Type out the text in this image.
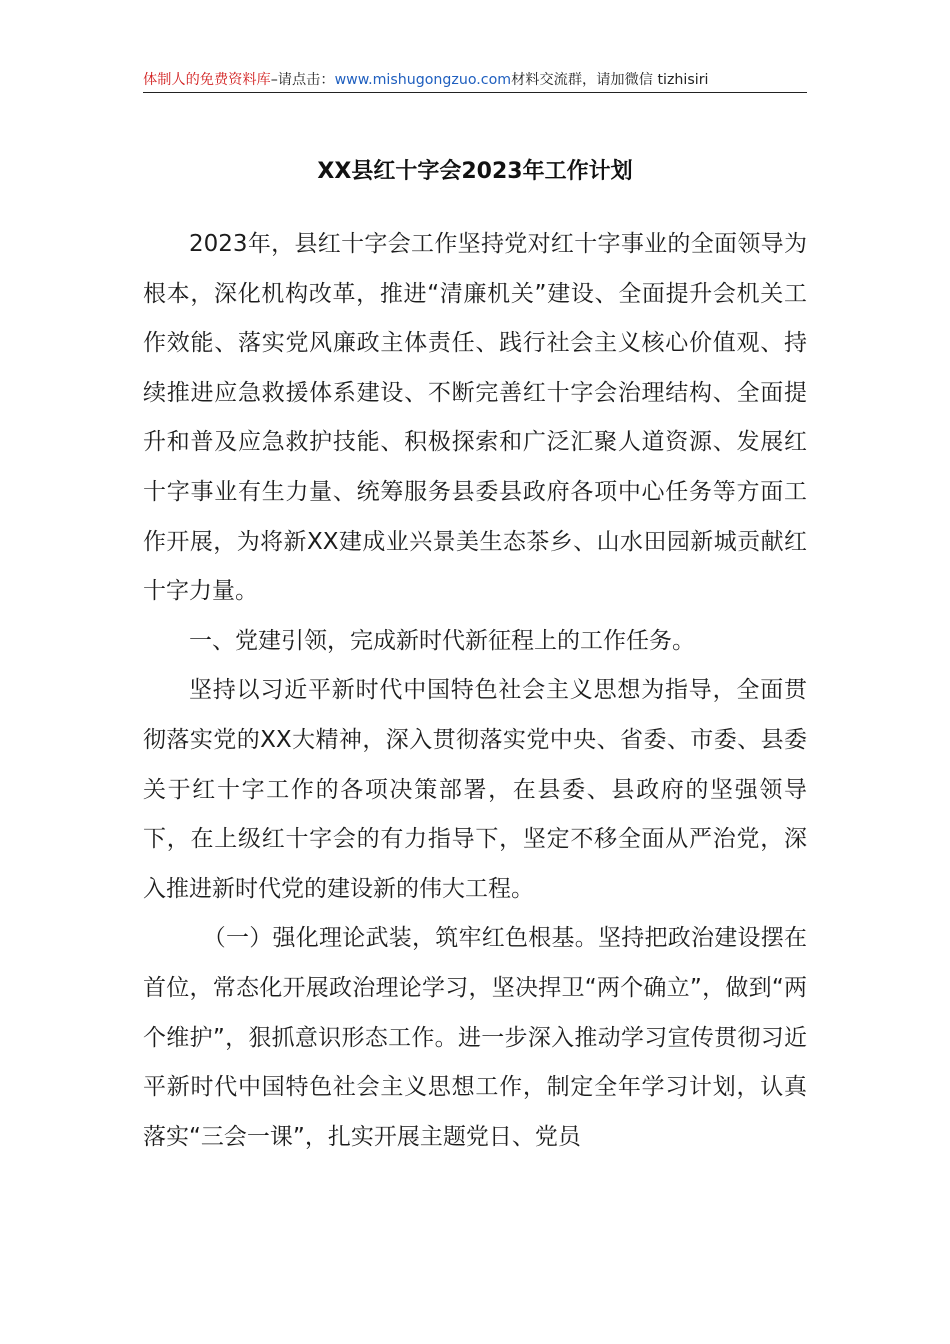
体制人的免费资料库–请点击：www.mishugongzuo.com材料交流群，请加微信 tizhisiri
XX县红十字会2023年工作计划

2023年，县红十字会工作坚持党对红十字事业的全面领导为根本，深化机构改革，推进“清廉机关”建设、全面提升会机关工作效能、落实党风廉政主体责任、践行社会主义核心价值观、持续推进应急救援体系建设、不断完善红十字会治理结构、全面提升和普及应急救护技能、积极探索和广泛汇聚人道资源、发展红十字事业有生力量、统筹服务县委县政府各项中心任务等方面工作开展，为将新XX建成业兴景美生态茶乡、山水田园新城贡献红十字力量。

一、党建引领，完成新时代新征程上的工作任务。

坚持以习近平新时代中国特色社会主义思想为指导，全面贯彻落实党的XX大精神，深入贯彻落实党中央、省委、市委、县委关于红十字工作的各项决策部署，在县委、县政府的坚强领导下，在上级红十字会的有力指导下，坚定不移全面从严治党，深入推进新时代党的建设新的伟大工程。

（一）强化理论武装，筑牢红色根基。坚持把政治建设摆在首位，常态化开展政治理论学习，坚决捍卫“两个确立”，做到“两个维护”，狠抓意识形态工作。进一步深入推动学习宣传贯彻习近平新时代中国特色社会主义思想工作，制定全年学习计划，认真落实“三会一课”，扎实开展主题党日、党员
